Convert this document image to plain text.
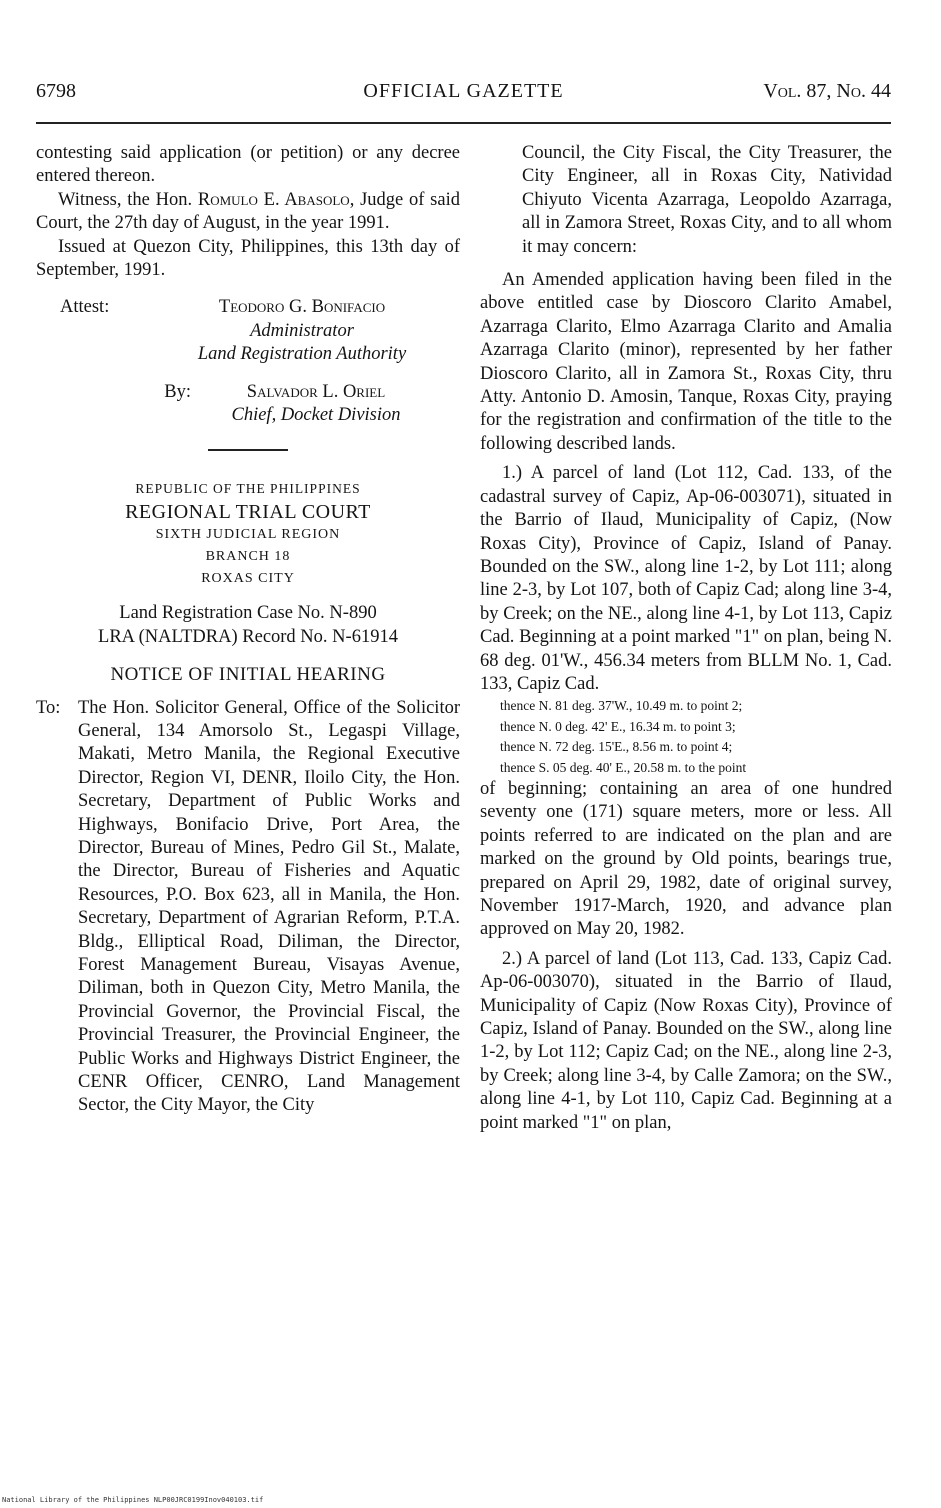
6798	OFFICIAL GAZETTE	Vol. 87, No. 44

contesting said application (or petition) or any decree entered thereon.

Witness, the Hon. Romulo E. Abasolo, Judge of said Court, the 27th day of August, in the year 1991.

Issued at Quezon City, Philippines, this 13th day of September, 1991.

Attest:	Teodoro G. Bonifacio
Administrator
Land Registration Authority
By:	Salvador L. Oriel
Chief, Docket Division
REPUBLIC OF THE PHILIPPINES
REGIONAL TRIAL COURT
SIXTH JUDICIAL REGION
BRANCH 18
ROXAS CITY
Land Registration Case No. N-890
LRA (NALTDRA) Record No. N-61914
NOTICE OF INITIAL HEARING
To: The Hon. Solicitor General, Office of the Solicitor General, 134 Amorsolo St., Legaspi Village, Makati, Metro Manila, the Regional Executive Director, Region VI, DENR, Iloilo City, the Hon. Secretary, Department of Public Works and Highways, Bonifacio Drive, Port Area, the Director, Bureau of Mines, Pedro Gil St., Malate, the Director, Bureau of Fisheries and Aquatic Resources, P.O. Box 623, all in Manila, the Hon. Secretary, Department of Agrarian Reform, P.T.A. Bldg., Elliptical Road, Diliman, the Director, Forest Management Bureau, Visayas Avenue, Diliman, both in Quezon City, Metro Manila, the Provincial Governor, the Provincial Fiscal, the Provincial Treasurer, the Provincial Engineer, the Public Works and Highways District Engineer, the CENR Officer, CENRO, Land Management Sector, the City Mayor, the City

Council, the City Fiscal, the City Treasurer, the City Engineer, all in Roxas City, Natividad Chiyuto Vicenta Azarraga, Leopoldo Azarraga, all in Zamora Street, Roxas City, and to all whom it may concern:

An Amended application having been filed in the above entitled case by Dioscoro Clarito Amabel, Azarraga Clarito, Elmo Azarraga Clarito and Amalia Azarraga Clarito (minor), represented by her father Dioscoro Clarito, all in Zamora St., Roxas City, thru Atty. Antonio D. Amosin, Tanque, Roxas City, praying for the registration and confirmation of the title to the following described lands.

1.) A parcel of land (Lot 112, Cad. 133, of the cadastral survey of Capiz, Ap-06-003071), situated in the Barrio of Ilaud, Municipality of Capiz, (Now Roxas City), Province of Capiz, Island of Panay. Bounded on the SW., along line 1-2, by Lot 111; along line 2-3, by Lot 107, both of Capiz Cad; along line 3-4, by Creek; on the NE., along line 4-1, by Lot 113, Capiz Cad. Beginning at a point marked "1" on plan, being N. 68 deg. 01'W., 456.34 meters from BLLM No. 1, Cad. 133, Capiz Cad.

thence N. 81 deg. 37'W., 10.49 m. to point 2;
thence N. 0 deg. 42' E., 16.34 m. to point 3;
thence N. 72 deg. 15'E., 8.56 m. to point 4;
thence S. 05 deg. 40' E., 20.58 m. to the point

of beginning; containing an area of one hundred seventy one (171) square meters, more or less. All points referred to are indicated on the plan and are marked on the ground by Old points, bearings true, prepared on April 29, 1982, date of original survey, November 1917-March, 1920, and advance plan approved on May 20, 1982.

2.) A parcel of land (Lot 113, Cad. 133, Capiz Cad. Ap-06-003070), situated in the Barrio of Ilaud, Municipality of Capiz (Now Roxas City), Province of Capiz, Island of Panay. Bounded on the SW., along line 1-2, by Lot 112; Capiz Cad; on the NE., along line 2-3, by Creek; along line 3-4, by Calle Zamora; on the SW., along line 4-1, by Lot 110, Capiz Cad. Beginning at a point marked "1" on plan,

National Library of the Philippines NLP00JRC0199Inov040103.tif
